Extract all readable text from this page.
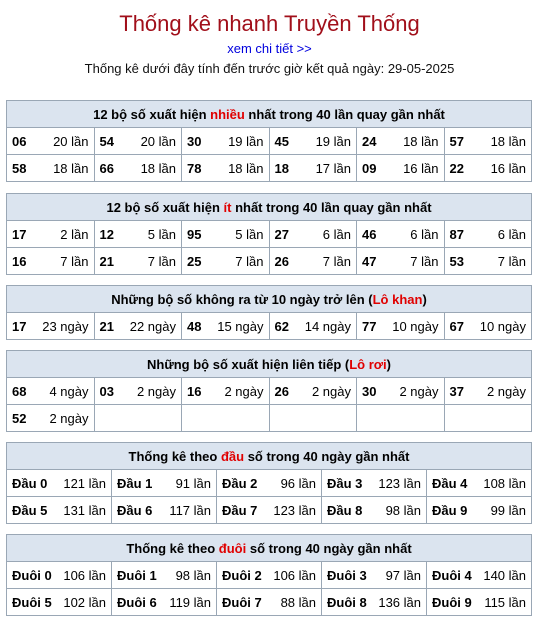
Thống kê nhanh Truyền Thống
xem chi tiết >>
Thống kê dưới đây tính đến trước giờ kết quả ngày: 29-05-2025
12 bộ số xuất hiện nhiều nhất trong 40 lần quay gần nhất					
06 20 lần	54 20 lần	30 19 lần	45 19 lần	24 18 lần	57 18 lần

58 18 lần	66 18 lần	78 18 lần	18 17 lần	09 16 lần	22 16 lần
12 bộ số xuất hiện ít nhất trong 40 lần quay gần nhất					
17 2 lần	12 5 lần	95 5 lần	27 6 lần	46 6 lần	87 6 lần

16 7 lần	21 7 lần	25 7 lần	26 7 lần	47 7 lần	53 7 lần
Những bộ số không ra từ 10 ngày trở lên (Lô khan)
17 23 ngày	21 22 ngày	48 15 ngày	62 14 ngày	77 10 ngày	67 10 ngày
Những bộ số xuất hiện liên tiếp (Lô rơi)					
68 4 ngày	03 2 ngày	16 2 ngày	26 2 ngày	30 2 ngày	37 2 ngày

52 2 ngày					

Thống kê theo đầu số trong 40 ngày gần nhất				
Đầu 0 121 lần	Đầu 1 91 lần	Đầu 2 96 lần	Đầu 3 123 lần	Đầu 4 108 lần

Đầu 5 131 lần	Đầu 6 117 lần	Đầu 7 123 lần	Đầu 8 98 lần	Đầu 9 99 lần
Thống kê theo đuôi số trong 40 ngày gần nhất				
Đuôi 0 106 lần	Đuôi 1 98 lần	Đuôi 2 106 lần	Đuôi 3 97 lần	Đuôi 4 140 lần

Đuôi 5 102 lần	Đuôi 6 119 lần	Đuôi 7 88 lần	Đuôi 8 136 lần	Đuôi 9 115 lần
